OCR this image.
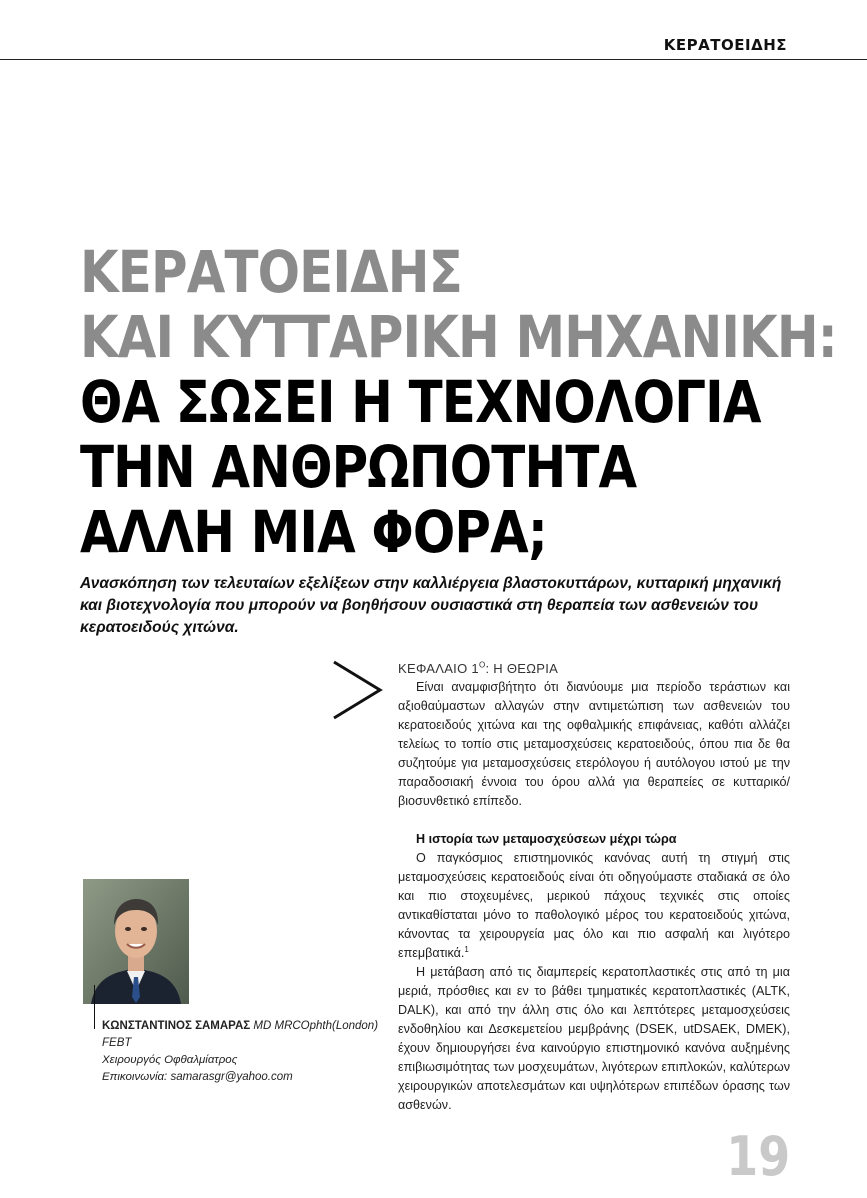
ΚΕΡΑΤΟΕΙΔΗΣ
ΚΕΡΑΤΟΕΙΔΗΣ
ΚΑΙ ΚΥΤΤΑΡΙΚΗ ΜΗΧΑΝΙΚΗ:
ΘΑ ΣΩΣΕΙ Η ΤΕΧΝΟΛΟΓΙΑ
ΤΗΝ ΑΝΘΡΩΠΟΤΗΤΑ
ΑΛΛΗ ΜΙΑ ΦΟΡΑ;
Ανασκόπηση των τελευταίων εξελίξεων στην καλλιέργεια βλαστοκυττάρων, κυτταρική μηχανική και βιοτεχνολογία που μπορούν να βοηθήσουν ουσιαστικά στη θεραπεία των ασθενειών του κερατοειδούς χιτώνα.

ΚΕΦΑΛΑΙΟ $1^O$: Η ΘΕΩΡΙΑ

Είναι αναμφισβήτητο ότι διανύουμε μια περίοδο τεράστιων και αξιοθαύμαστων αλλαγών στην αντιμετώπιση των ασθενειών του κερατοειδούς χιτώνα και της οφθαλμικής επιφάνειας, καθότι αλλάζει τελείως το τοπίο στις μεταμοσχεύσεις κερατοειδούς, όπου πια δε θα συζητούμε για μεταμοσχεύσεις ετερόλογου ή αυτόλογου ιστού με την παραδοσιακή έννοια του όρου αλλά για θεραπείες σε κυτταρικό/ βιοσυνθετικό επίπεδο.

Η ιστορία των μεταμοσχεύσεων μέχρι τώρα

Ο παγκόσμιος επιστημονικός κανόνας αυτή τη στιγμή στις μεταμοσχεύσεις κερατοειδούς είναι ότι οδηγούμαστε σταδιακά σε όλο και πιο στοχευμένες, μερικού πάχους τεχνικές στις οποίες αντικαθίσταται μόνο το παθολογικό μέρος του κερατοειδούς χιτώνα, κάνοντας τα χειρουργεία μας όλο και πιο ασφαλή και λιγότερο επεμβατικά.$^1$

Η μετάβαση από τις διαμπερείς κερατοπλαστικές στις από τη μια μεριά, πρόσθιες και εν το βάθει τμηματικές κερατοπλαστικές (ALTK, DALK), και από την άλλη στις όλο και λεπτότερες μεταμοσχεύσεις ενδοθηλίου και Δεσκεμετείου μεμβράνης (DSEK, utDSAEK, DMEK), έχουν δημιουργήσει ένα καινούργιο επιστημονικό κανόνα αυξημένης επιβιωσιμότητας των μοσχευμάτων, λιγότερων επιπλοκών, καλύτερων χειρουργικών αποτελεσμάτων και υψηλότερων επιπέδων όρασης των ασθενών.

ΚΩΝΣΤΑΝΤΙΝΟΣ ΣΑΜΑΡΑΣ MD MRCOphth(London) FEBT
Χειρουργός Οφθαλμίατρος
Επικοινωνία: samarasgr@yahoo.com
19
